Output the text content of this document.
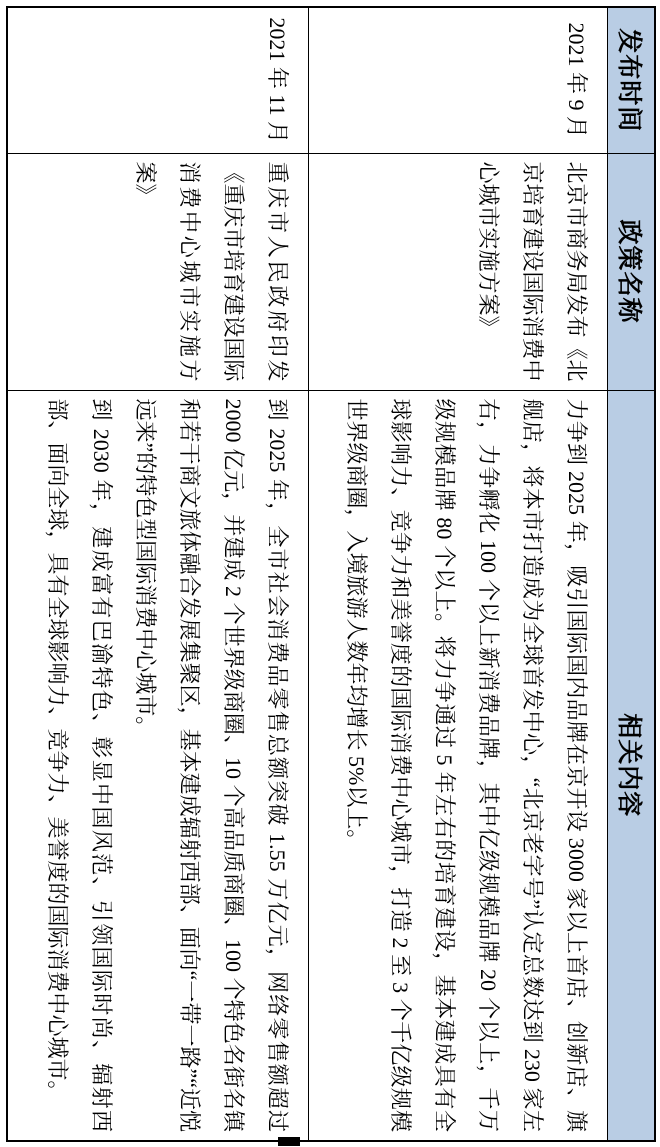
发布时间	政策名称	相关内容
2021 年 9 月	北京市商务局发布《北京培育建设国际消费中心城市实施方案》	力争到 2025 年，吸引国际国内品牌在京开设 3000 家以上首店、创新店、旗舰店，将本市打造成为全球首发中心，“北京老字号”认定总数达到 230 家左右，力争孵化 100 个以上新消费品牌，其中亿级规模品牌 20 个以上，千万级规模品牌 80 个以上。将力争通过 5 年左右的培育建设，基本建成具有全球影响力、竞争力和美誉度的国际消费中心城市，打造 2 至 3 个千亿级规模世界级商圈，入境旅游人数年均增长 5%以上。

2021 年 11 月	重庆市人民政府印发《重庆市培育建设国际消费中心城市实施方案》	到 2025 年，全市社会消费品零售总额突破 1.55 万亿元，网络零售额超过 2000 亿元，并建成 2 个世界级商圈、10 个高品质商圈、100 个特色名街名镇和若干商文旅体融合发展集聚区，基本建成辐射西部、面向“一带一路”“近悦远来”的特色型国际消费中心城市。

到 2030 年，建成富有巴渝特色、彰显中国风范、引领国际时尚、辐射西部、面向全球，具有全球影响力、竞争力、美誉度的国际消费中心城市。
